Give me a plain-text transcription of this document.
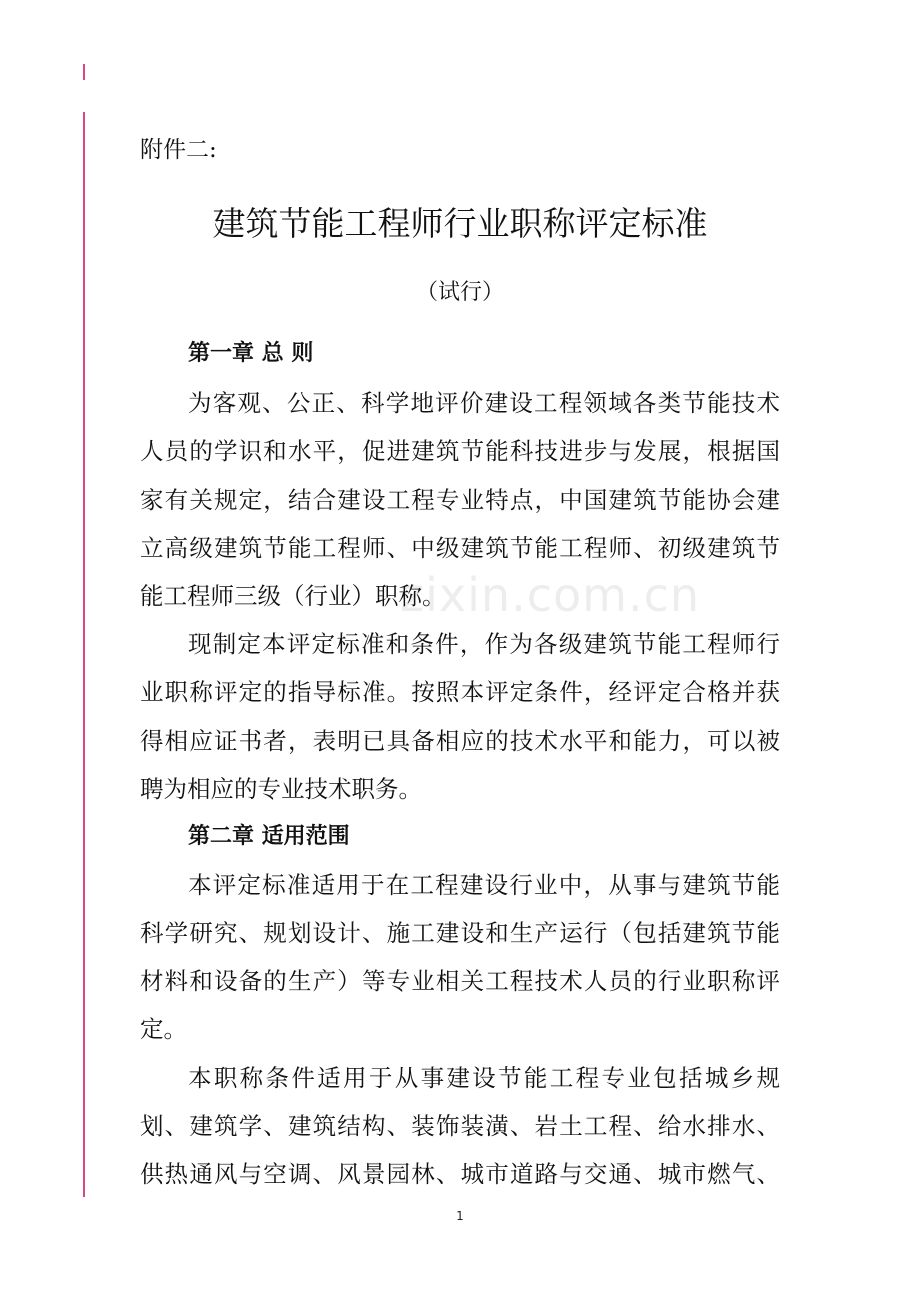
zixin.com.cn
附件二:
建筑节能工程师行业职称评定标准
（试行）
第一章 总 则
为客观、公正、科学地评价建设工程领域各类节能技术
人员的学识和水平，促进建筑节能科技进步与发展，根据国
家有关规定，结合建设工程专业特点，中国建筑节能协会建
立高级建筑节能工程师、中级建筑节能工程师、初级建筑节
能工程师三级（行业）职称。
现制定本评定标准和条件，作为各级建筑节能工程师行
业职称评定的指导标准。按照本评定条件，经评定合格并获
得相应证书者，表明已具备相应的技术水平和能力，可以被
聘为相应的专业技术职务。
第二章 适用范围
本评定标准适用于在工程建设行业中，从事与建筑节能
科学研究、规划设计、施工建设和生产运行（包括建筑节能
材料和设备的生产）等专业相关工程技术人员的行业职称评
定。
本职称条件适用于从事建设节能工程专业包括城乡规
划、建筑学、建筑结构、装饰装潢、岩土工程、给水排水、
供热通风与空调、风景园林、城市道路与交通、城市燃气、
1
